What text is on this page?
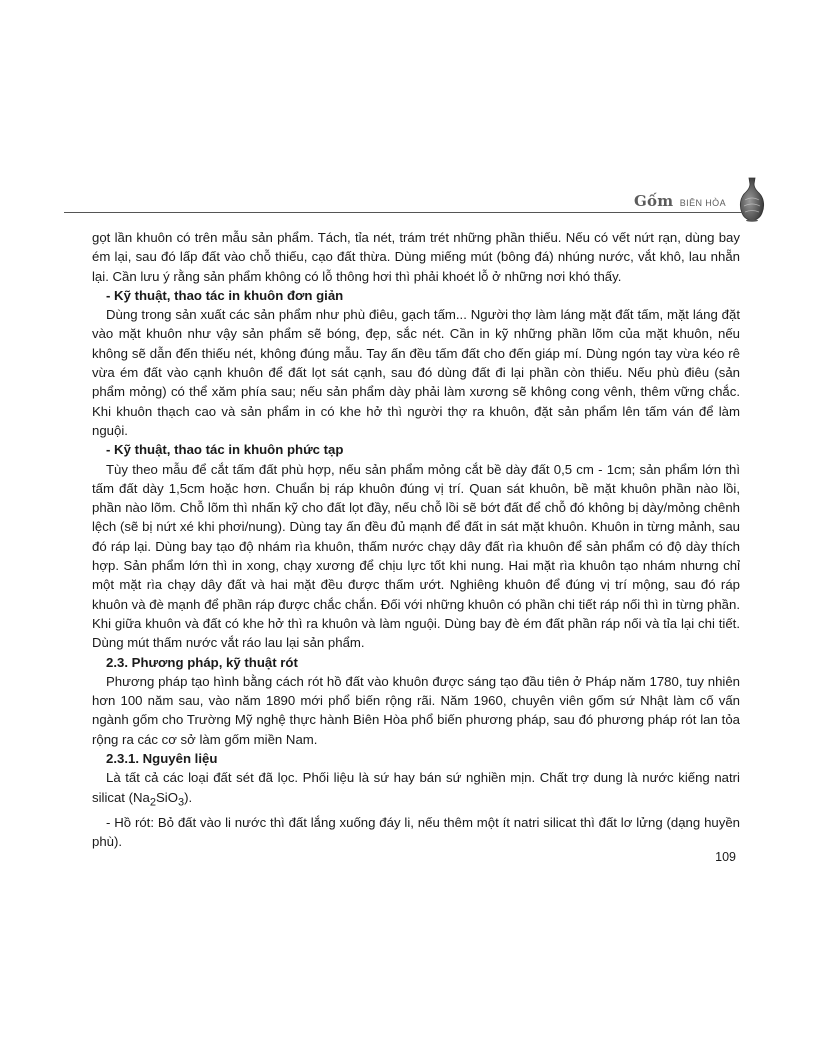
Gốm BIÊN HÒA

gọt lần khuôn có trên mẫu sản phẩm. Tách, tỉa nét, trám trét những phần thiếu. Nếu có vết nứt rạn, dùng bay ém lại, sau đó lấp đất vào chỗ thiếu, cạo đất thừa. Dùng miếng mút (bông đá) nhúng nước, vắt khô, lau nhẵn lại. Cần lưu ý rằng sản phẩm không có lỗ thông hơi thì phải khoét lỗ ở những nơi khó thấy.

- Kỹ thuật, thao tác in khuôn đơn giản

Dùng trong sản xuất các sản phẩm như phù điêu, gạch tấm... Người thợ làm láng mặt đất tấm, mặt láng đặt vào mặt khuôn như vậy sản phẩm sẽ bóng, đẹp, sắc nét. Cần in kỹ những phần lõm của mặt khuôn, nếu không sẽ dẫn đến thiếu nét, không đúng mẫu. Tay ấn đều tấm đất cho đến giáp mí. Dùng ngón tay vừa kéo rê vừa ém đất vào cạnh khuôn để đất lọt sát cạnh, sau đó dùng đất đi lại phần còn thiếu. Nếu phù điêu (sản phẩm mỏng) có thể xăm phía sau; nếu sản phẩm dày phải làm xương sẽ không cong vênh, thêm vững chắc. Khi khuôn thạch cao và sản phẩm in có khe hở thì người thợ ra khuôn, đặt sản phẩm lên tấm ván để làm nguội.

- Kỹ thuật, thao tác in khuôn phức tạp

Tùy theo mẫu để cắt tấm đất phù hợp, nếu sản phẩm mỏng cắt bề dày đất 0,5 cm - 1cm; sản phẩm lớn thì tấm đất dày 1,5cm hoặc hơn. Chuẩn bị ráp khuôn đúng vị trí. Quan sát khuôn, bề mặt khuôn phần nào lồi, phần nào lõm. Chỗ lõm thì nhấn kỹ cho đất lọt đầy, nếu chỗ lồi sẽ bớt đất để chỗ đó không bị dày/mỏng chênh lệch (sẽ bị nứt xé khi phơi/nung). Dùng tay ấn đều đủ mạnh để đất in sát mặt khuôn. Khuôn in từng mảnh, sau đó ráp lại. Dùng bay tạo độ nhám rìa khuôn, thấm nước chạy dây đất rìa khuôn để sản phẩm có độ dày thích hợp. Sản phẩm lớn thì in xong, chạy xương để chịu lực tốt khi nung. Hai mặt rìa khuôn tạo nhám nhưng chỉ một mặt rìa chạy dây đất và hai mặt đều được thấm ướt. Nghiêng khuôn để đúng vị trí mộng, sau đó ráp khuôn và đè mạnh để phần ráp được chắc chắn. Đối với những khuôn có phần chi tiết ráp nối thì in từng phần. Khi giữa khuôn và đất có khe hở thì ra khuôn và làm nguội. Dùng bay đè ém đất phần ráp nối và tỉa lại chi tiết. Dùng mút thấm nước vắt ráo lau lại sản phẩm.

2.3. Phương pháp, kỹ thuật rót

Phương pháp tạo hình bằng cách rót hồ đất vào khuôn được sáng tạo đầu tiên ở Pháp năm 1780, tuy nhiên hơn 100 năm sau, vào năm 1890 mới phổ biến rộng rãi. Năm 1960, chuyên viên gốm sứ Nhật làm cố vấn ngành gốm cho Trường Mỹ nghệ thực hành Biên Hòa phổ biến phương pháp, sau đó phương pháp rót lan tỏa rộng ra các cơ sở làm gốm miền Nam.

2.3.1. Nguyên liệu

Là tất cả các loại đất sét đã lọc. Phối liệu là sứ hay bán sứ nghiền mịn. Chất trợ dung là nước kiếng natri silicat $(Na_2SiO_3)$.

- Hồ rót: Bỏ đất vào li nước thì đất lắng xuống đáy li, nếu thêm một ít natri silicat thì đất lơ lửng (dạng huyền phù).

109
